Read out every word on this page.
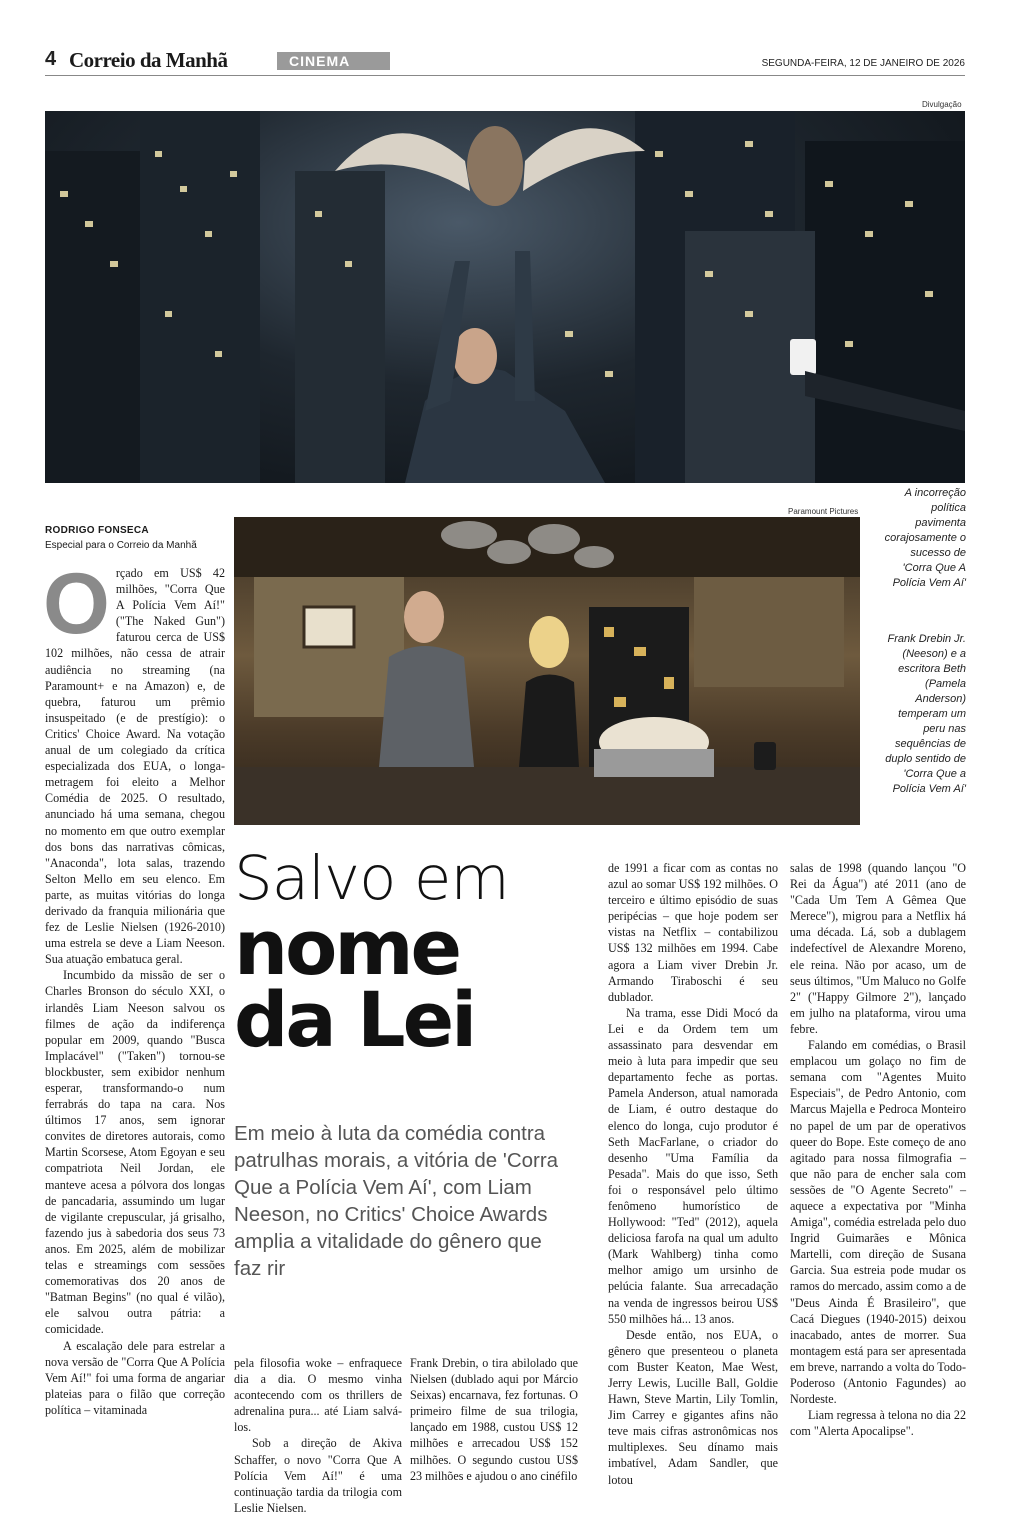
4 Correio da Manhã	CINEMA	SEGUNDA-FEIRA, 12 DE JANEIRO DE 2026
Divulgação
A incorreção política pavimenta corajosamente o sucesso de 'Corra Que A Polícia Vem Aí'
RODRIGO FONSECA
Especial para o Correio da Manhã
Paramount Pictures
Frank Drebin Jr. (Neeson) e a escritora Beth (Pamela Anderson) temperam um peru nas sequências de duplo sentido de 'Corra Que a Polícia Vem Aí'

Orçado em US$ 42 milhões, "Corra Que A Polícia Vem Aí!" ("The Naked Gun") faturou cerca de US$ 102 milhões, não cessa de atrair audiência no streaming (na Paramount+ e na Amazon) e, de quebra, faturou um prêmio insuspeitado (e de prestígio): o Critics' Choice Award. Na votação anual de um colegiado da crítica especializada dos EUA, o longa-metragem foi eleito a Melhor Comédia de 2025. O resultado, anunciado há uma semana, chegou no momento em que outro exemplar dos bons das narrativas cômicas, "Anaconda", lota salas, trazendo Selton Mello em seu elenco. Em parte, as muitas vitórias do longa derivado da franquia milionária que fez de Leslie Nielsen (1926-2010) uma estrela se deve a Liam Neeson. Sua atuação embatuca geral.

Incumbido da missão de ser o Charles Bronson do século XXI, o irlandês Liam Neeson salvou os filmes de ação da indiferença popular em 2009, quando "Busca Implacável" ("Taken") tornou-se blockbuster, sem exibidor nenhum esperar, transformando-o num ferrabrás do tapa na cara. Nos últimos 17 anos, sem ignorar convites de diretores autorais, como Martin Scorsese, Atom Egoyan e seu compatriota Neil Jordan, ele manteve acesa a pólvora dos longas de pancadaria, assumindo um lugar de vigilante crepuscular, já grisalho, fazendo jus à sabedoria dos seus 73 anos. Em 2025, além de mobilizar telas e streamings com sessões comemorativas dos 20 anos de "Batman Begins" (no qual é vilão), ele salvou outra pátria: a comicidade.

A escalação dele para estrelar a nova versão de "Corra Que A Polícia Vem Aí!" foi uma forma de angariar plateias para o filão que correção política – vitaminada

Salvo em
nome
da Lei
Em meio à luta da comédia contra patrulhas morais, a vitória de 'Corra Que a Polícia Vem Aí', com Liam Neeson, no Critics' Choice Awards amplia a vitalidade do gênero que faz rir

pela filosofia woke – enfraquece dia a dia. O mesmo vinha acontecendo com os thrillers de adrenalina pura... até Liam salvá-los.

Sob a direção de Akiva Schaffer, o novo "Corra Que A Polícia Vem Aí!" é uma continuação tardia da trilogia com Leslie Nielsen.

Frank Drebin, o tira abilolado que Nielsen (dublado aqui por Márcio Seixas) encarnava, fez fortunas. O primeiro filme de sua trilogia, lançado em 1988, custou US$ 12 milhões e arrecadou US$ 152 milhões. O segundo custou US$ 23 milhões e ajudou o ano cinéfilo

de 1991 a ficar com as contas no azul ao somar US$ 192 milhões. O terceiro e último episódio de suas peripécias – que hoje podem ser vistas na Netflix – contabilizou US$ 132 milhões em 1994. Cabe agora a Liam viver Drebin Jr. Armando Tiraboschi é seu dublador.

Na trama, esse Didi Mocó da Lei e da Ordem tem um assassinato para desvendar em meio à luta para impedir que seu departamento feche as portas. Pamela Anderson, atual namorada de Liam, é outro destaque do elenco do longa, cujo produtor é Seth MacFarlane, o criador do desenho "Uma Família da Pesada". Mais do que isso, Seth foi o responsável pelo último fenômeno humorístico de Hollywood: "Ted" (2012), aquela deliciosa farofa na qual um adulto (Mark Wahlberg) tinha como melhor amigo um ursinho de pelúcia falante. Sua arrecadação na venda de ingressos beirou US$ 550 milhões há... 13 anos.

Desde então, nos EUA, o gênero que presenteou o planeta com Buster Keaton, Mae West, Jerry Lewis, Lucille Ball, Goldie Hawn, Steve Martin, Lily Tomlin, Jim Carrey e gigantes afins não teve mais cifras astronômicas nos multiplexes. Seu dínamo mais imbatível, Adam Sandler, que lotou

salas de 1998 (quando lançou "O Rei da Água") até 2011 (ano de "Cada Um Tem A Gêmea Que Merece"), migrou para a Netflix há uma década. Lá, sob a dublagem indefectível de Alexandre Moreno, ele reina. Não por acaso, um de seus últimos, "Um Maluco no Golfe 2" ("Happy Gilmore 2"), lançado em julho na plataforma, virou uma febre.

Falando em comédias, o Brasil emplacou um golaço no fim de semana com "Agentes Muito Especiais", de Pedro Antonio, com Marcus Majella e Pedroca Monteiro no papel de um par de operativos queer do Bope. Este começo de ano agitado para nossa filmografia – que não para de encher sala com sessões de "O Agente Secreto" – aquece a expectativa por "Minha Amiga", comédia estrelada pelo duo Ingrid Guimarães e Mônica Martelli, com direção de Susana Garcia. Sua estreia pode mudar os ramos do mercado, assim como a de "Deus Ainda É Brasileiro", que Cacá Diegues (1940-2015) deixou inacabado, antes de morrer. Sua montagem está para ser apresentada em breve, narrando a volta do Todo-Poderoso (Antonio Fagundes) ao Nordeste.

Liam regressa à telona no dia 22 com "Alerta Apocalipse".
